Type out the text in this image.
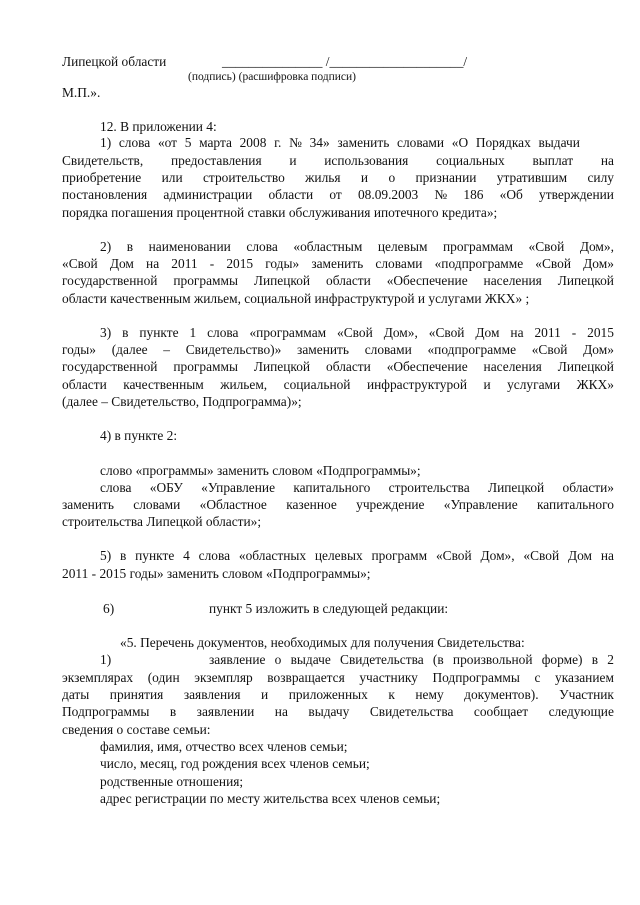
Липецкой области	_______________ /____________________/
(подпись) (расшифровка подписи)
М.П.».
12. В приложении 4:
1) слова «от 5 марта 2008 г. № 34» заменить словами «О Порядках выдачи
Свидетельств, предоставления и использования социальных выплат на
приобретение или строительство жилья и о признании утратившим силу
постановления администрации области от 08.09.2003 № 186 «Об утверждении
порядка погашения процентной ставки обслуживания ипотечного кредита»;
2) в наименовании слова «областным целевым программам «Свой Дом»,
«Свой Дом на 2011 - 2015 годы» заменить словами «подпрограмме «Свой Дом»
государственной программы Липецкой области «Обеспечение населения Липецкой
области качественным жильем, социальной инфраструктурой и услугами ЖКХ» ;
3) в пункте 1 слова «программам «Свой Дом», «Свой Дом на 2011 - 2015
годы» (далее – Свидетельство)» заменить словами «подпрограмме «Свой Дом»
государственной программы Липецкой области «Обеспечение населения Липецкой
области качественным жильем, социальной инфраструктурой и услугами ЖКХ»
(далее – Свидетельство, Подпрограмма)»;
4) в пункте 2:
слово «программы» заменить словом «Подпрограммы»;
слова «ОБУ «Управление капитального строительства Липецкой области»
заменить словами «Областное казенное учреждение «Управление капитального
строительства Липецкой области»;
5) в пункте 4 слова «областных целевых программ «Свой Дом», «Свой Дом на
2011 - 2015 годы» заменить словом «Подпрограммы»;
6)	пункт 5 изложить в следующей редакции:
«5. Перечень документов, необходимых для получения Свидетельства:
1)	заявление о выдаче Свидетельства (в произвольной форме) в 2
экземплярах (один экземпляр возвращается участнику Подпрограммы с указанием
даты принятия заявления и приложенных к нему документов). Участник
Подпрограммы в заявлении на выдачу Свидетельства сообщает следующие
сведения о составе семьи:
фамилия, имя, отчество всех членов семьи;
число, месяц, год рождения всех членов семьи;
родственные отношения;
адрес регистрации по месту жительства всех членов семьи;
